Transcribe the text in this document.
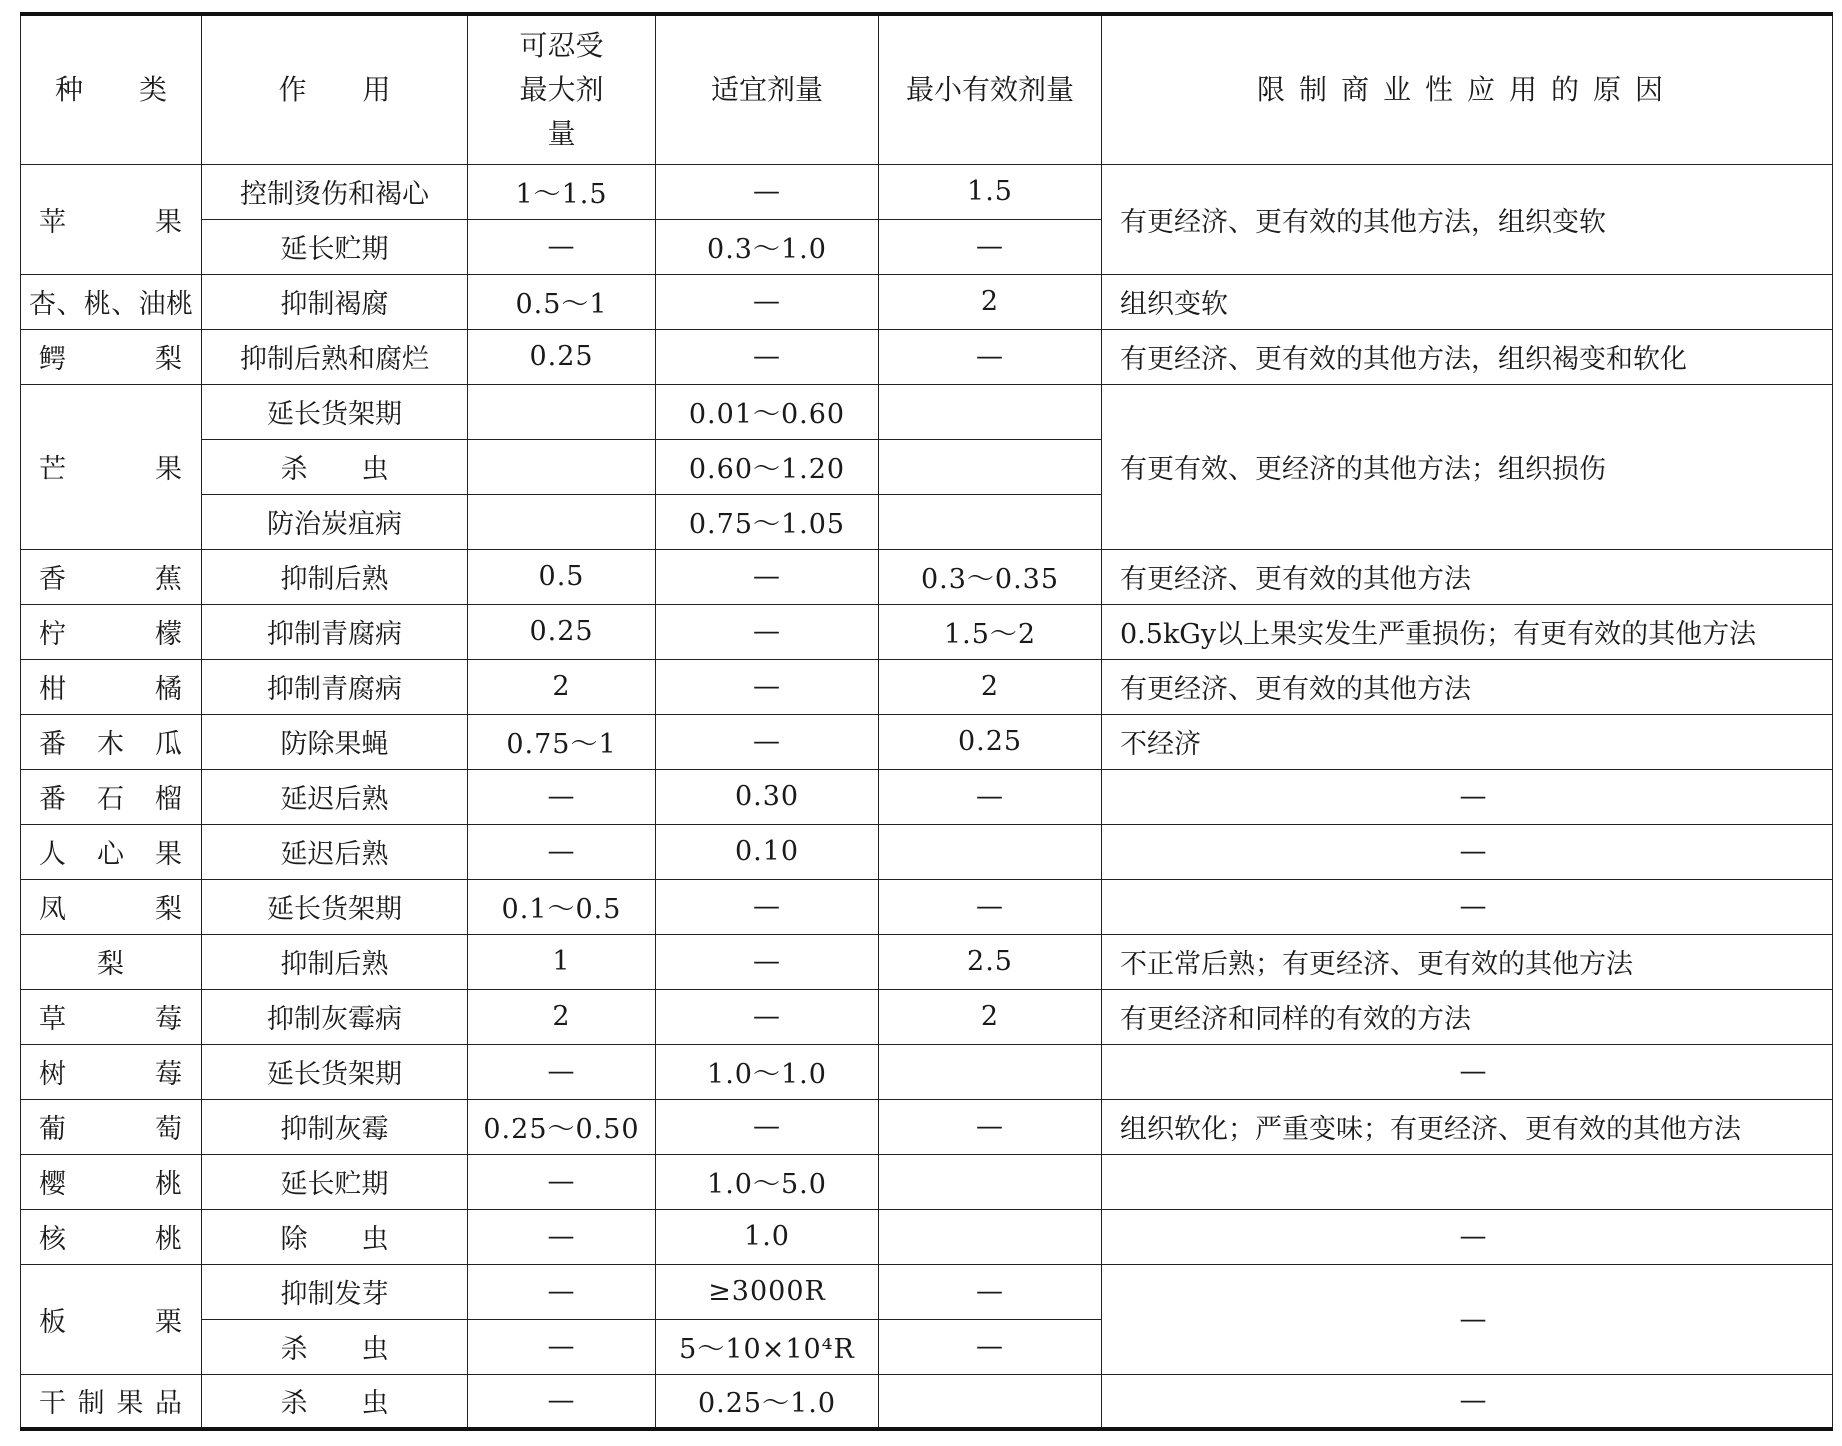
种　　类	作　　用	可忍受最大剂量	适宜剂量	最小有效剂量	限制商业性应用的原因
苹　　果	控制烫伤和褐心	1～1.5	—	1.5	有更经济、更有效的其他方法，组织变软
	延长贮期	—	0.3～1.0	—	
杏、桃、油桃	抑制褐腐	0.5～1	—	2	组织变软
鳄　　梨	抑制后熟和腐烂	0.25	—	—	有更经济、更有效的其他方法，组织褐变和软化
芒　　果	延长货架期		0.01～0.60		有更有效、更经济的其他方法；组织损伤
	杀　　虫		0.60～1.20		
	防治炭疽病		0.75～1.05		
香　　蕉	抑制后熟	0.5	—	0.3～0.35	有更经济、更有效的其他方法
柠　　檬	抑制青腐病	0.25	—	1.5～2	0.5kGy以上果实发生严重损伤；有更有效的其他方法
柑　　橘	抑制青腐病	2	—	2	有更经济、更有效的其他方法
番木瓜	防除果蝇	0.75～1	—	0.25	不经济
番石榴	延迟后熟	—	0.30	—	—
人心果	延迟后熟	—	0.10		—
凤　　梨	延长货架期	0.1～0.5	—	—	—
梨	抑制后熟	1	—	2.5	不正常后熟；有更经济、更有效的其他方法
草　　莓	抑制灰霉病	2	—	2	有更经济和同样的有效的方法
树　　莓	延长货架期	—	1.0～1.0		—
葡　　萄	抑制灰霉	0.25～0.50	—	—	组织软化；严重变味；有更经济、更有效的其他方法
樱　　桃	延长贮期	—	1.0～5.0		
核　　桃	除　　虫	—	1.0		—
板　　栗	抑制发芽	—	≥3000R	—	—
	杀　　虫	—	5～10×10⁴R	—	
干制果品	杀　　虫	—	0.25～1.0		—
